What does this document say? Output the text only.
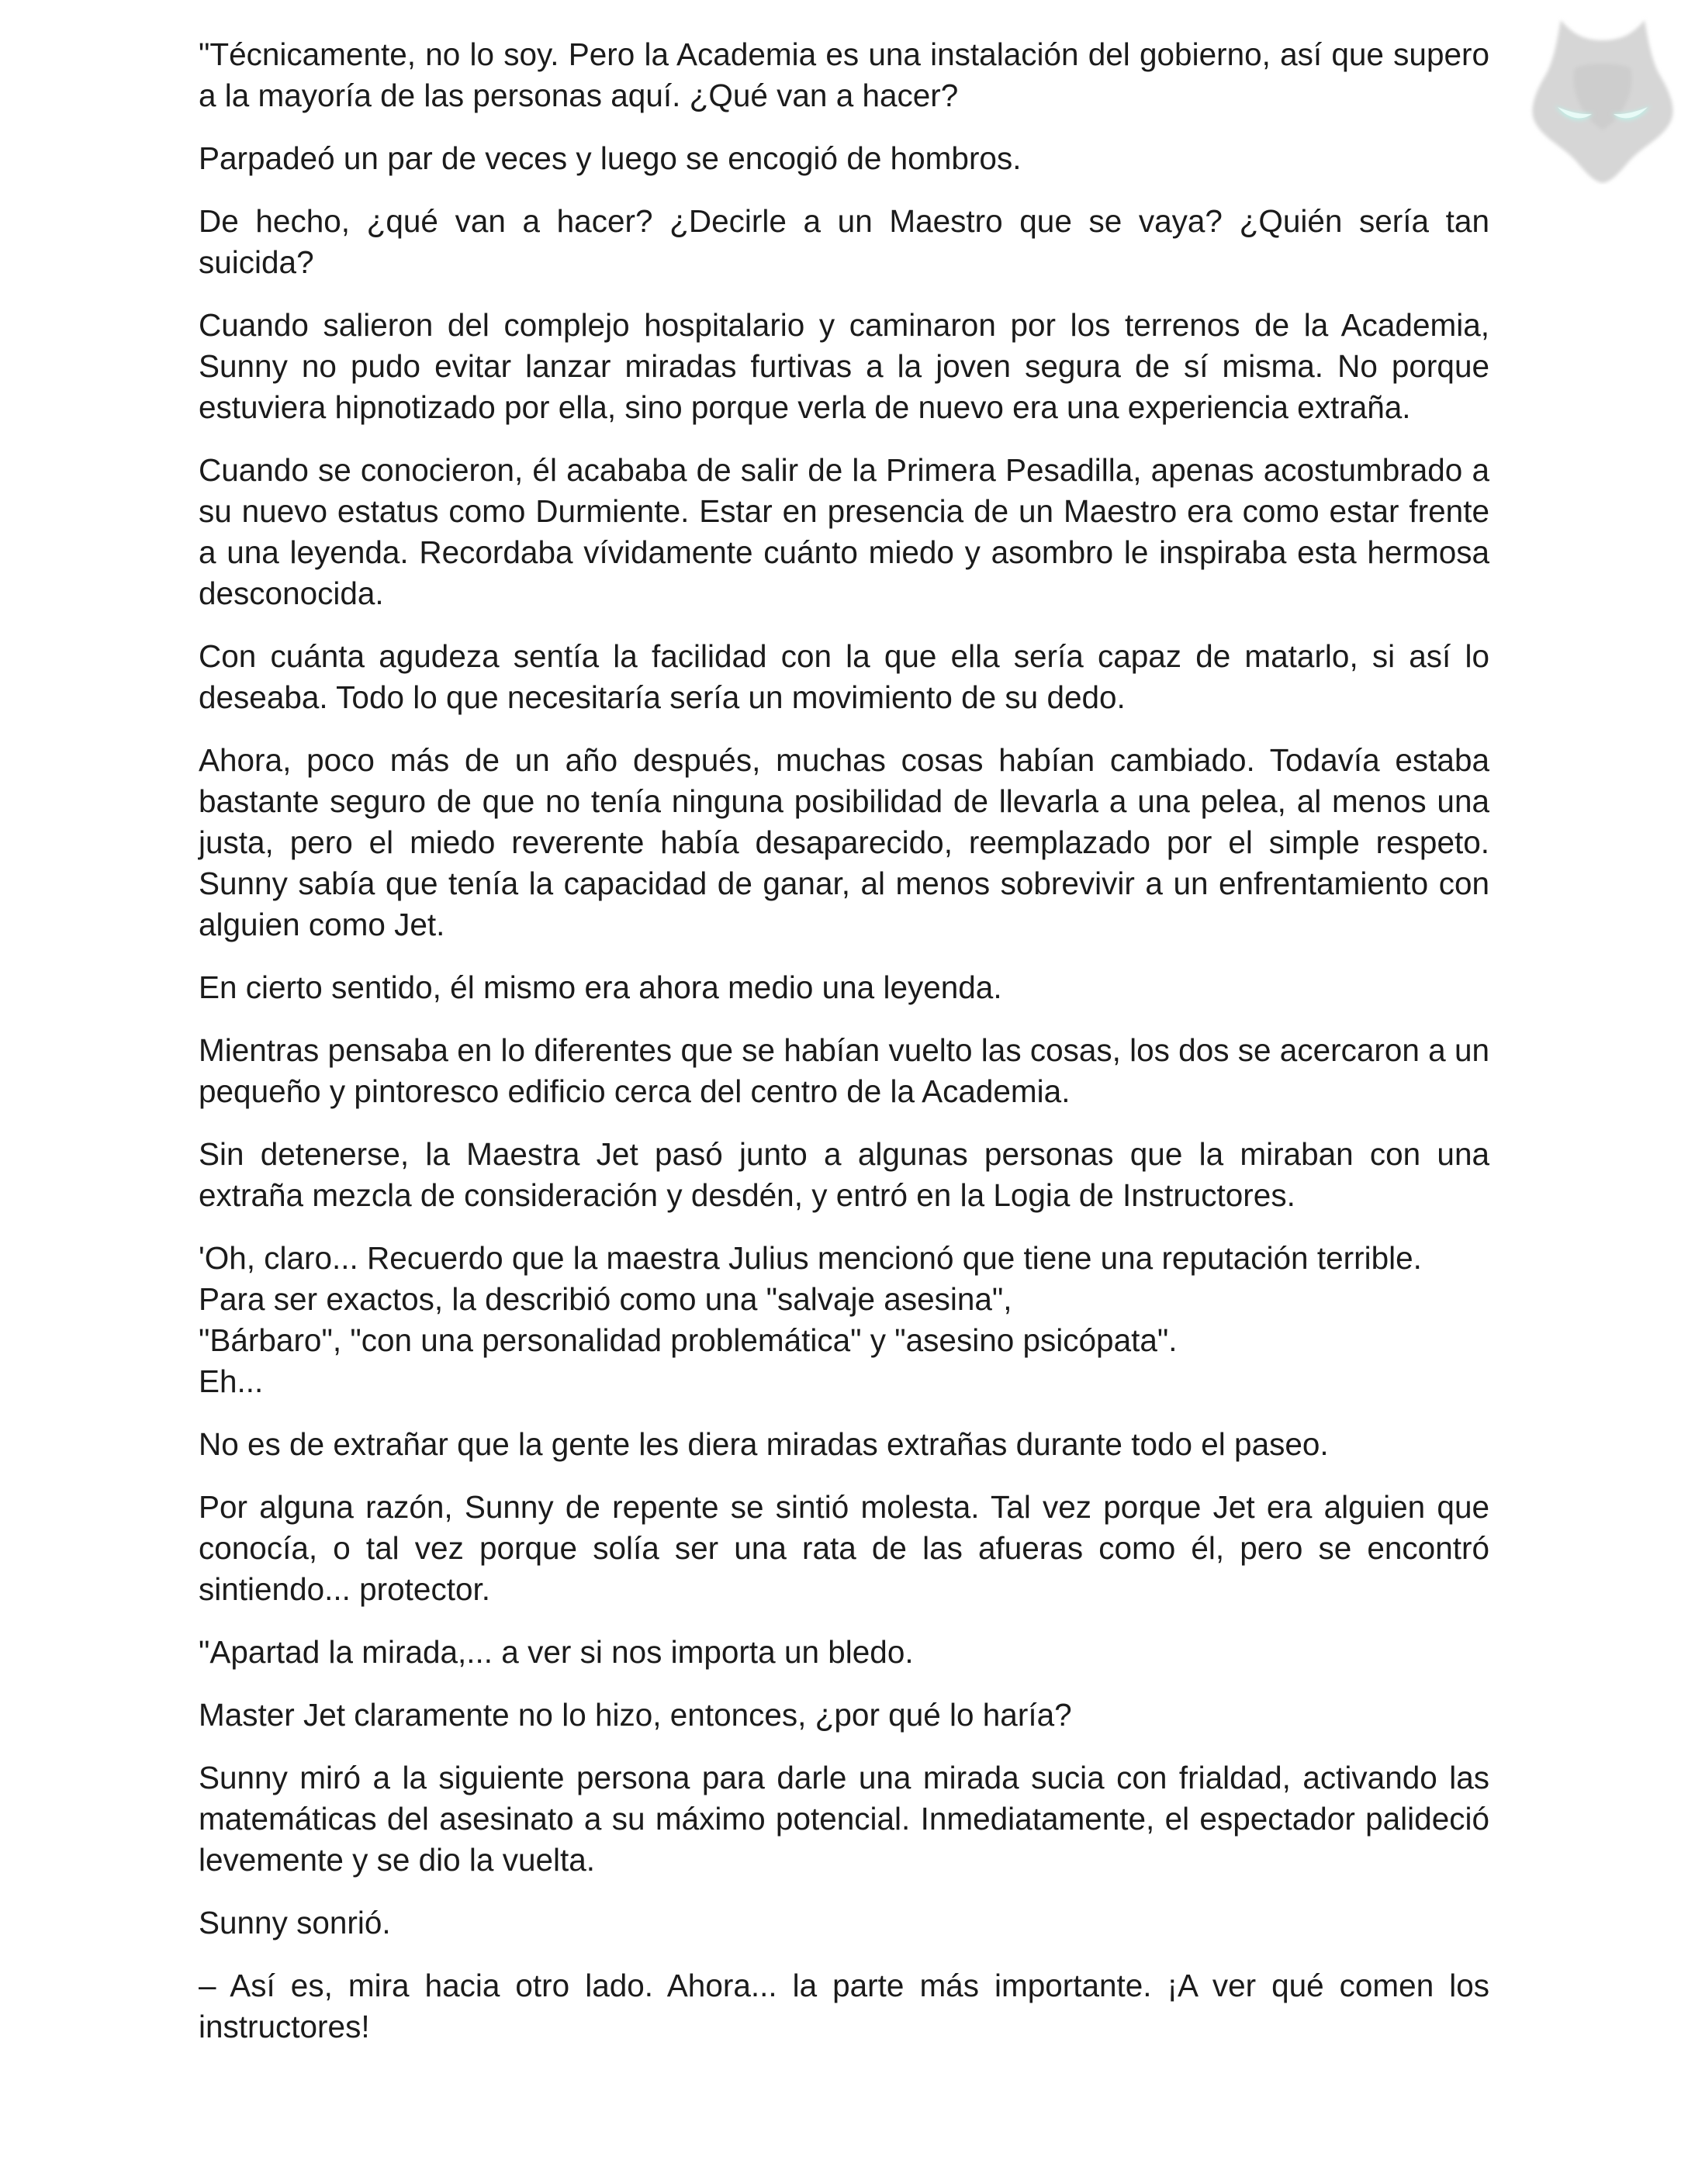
"Técnicamente, no lo soy. Pero la Academia es una instalación del gobierno, así que supero a la mayoría de las personas aquí. ¿Qué van a hacer?

Parpadeó un par de veces y luego se encogió de hombros.

De hecho, ¿qué van a hacer? ¿Decirle a un Maestro que se vaya? ¿Quién sería tan suicida?

Cuando salieron del complejo hospitalario y caminaron por los terrenos de la Academia, Sunny no pudo evitar lanzar miradas furtivas a la joven segura de sí misma. No porque estuviera hipnotizado por ella, sino porque verla de nuevo era una experiencia extraña.

Cuando se conocieron, él acababa de salir de la Primera Pesadilla, apenas acostumbrado a su nuevo estatus como Durmiente. Estar en presencia de un Maestro era como estar frente a una leyenda. Recordaba vívidamente cuánto miedo y asombro le inspiraba esta hermosa desconocida.

Con cuánta agudeza sentía la facilidad con la que ella sería capaz de matarlo, si así lo deseaba. Todo lo que necesitaría sería un movimiento de su dedo.

Ahora, poco más de un año después, muchas cosas habían cambiado. Todavía estaba bastante seguro de que no tenía ninguna posibilidad de llevarla a una pelea, al menos una justa, pero el miedo reverente había desaparecido, reemplazado por el simple respeto. Sunny sabía que tenía la capacidad de ganar, al menos sobrevivir a un enfrentamiento con alguien como Jet.

En cierto sentido, él mismo era ahora medio una leyenda.

Mientras pensaba en lo diferentes que se habían vuelto las cosas, los dos se acercaron a un pequeño y pintoresco edificio cerca del centro de la Academia.

Sin detenerse, la Maestra Jet pasó junto a algunas personas que la miraban con una extraña mezcla de consideración y desdén, y entró en la Logia de Instructores.

'Oh, claro... Recuerdo que la maestra Julius mencionó que tiene una reputación terrible.
Para ser exactos, la describió como una "salvaje asesina",
"Bárbaro", "con una personalidad problemática" y "asesino psicópata".
Eh...

No es de extrañar que la gente les diera miradas extrañas durante todo el paseo.

Por alguna razón, Sunny de repente se sintió molesta. Tal vez porque Jet era alguien que conocía, o tal vez porque solía ser una rata de las afueras como él, pero se encontró sintiendo... protector.

"Apartad la mirada,... a ver si nos importa un bledo.

Master Jet claramente no lo hizo, entonces, ¿por qué lo haría?

Sunny miró a la siguiente persona para darle una mirada sucia con frialdad, activando las matemáticas del asesinato a su máximo potencial. Inmediatamente, el espectador palideció levemente y se dio la vuelta.

Sunny sonrió.

– Así es, mira hacia otro lado. Ahora... la parte más importante. ¡A ver qué comen los instructores!
